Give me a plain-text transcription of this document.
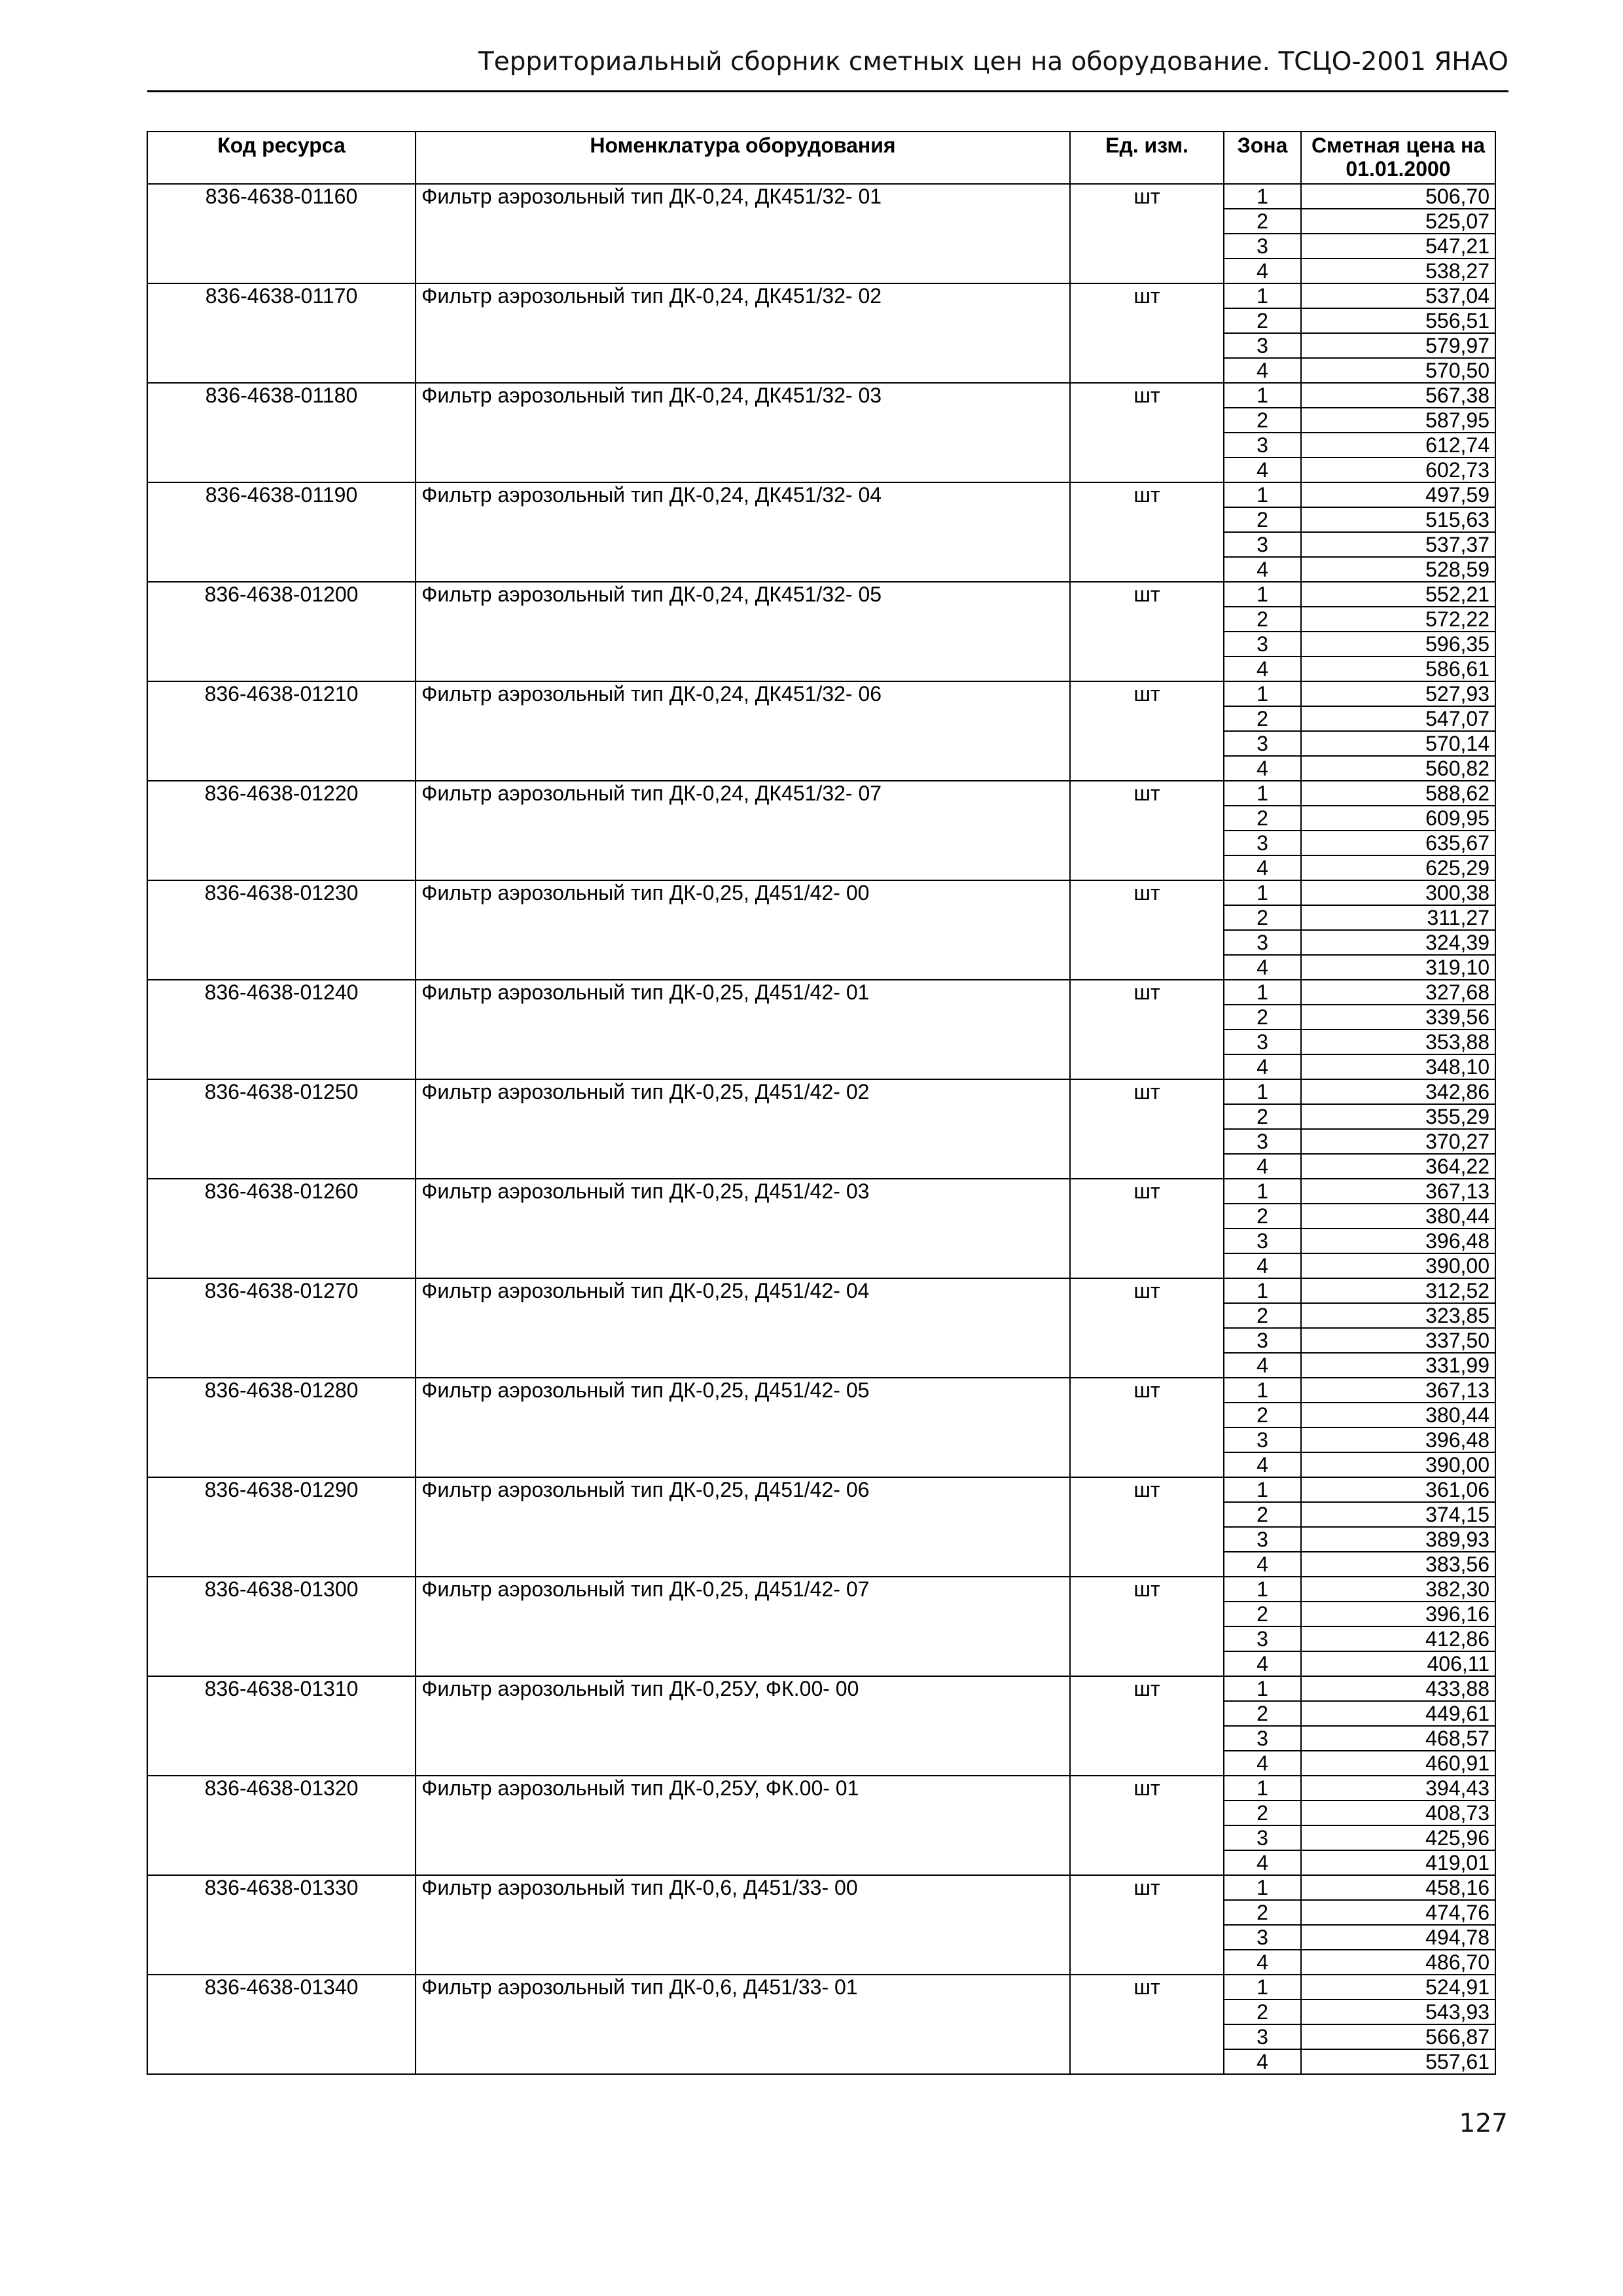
Территориальный сборник сметных цен на оборудование. ТСЦО-2001 ЯНАО
Код ресурса	Номенклатура оборудования	Ед. изм.	Зона	Сметная цена на 01.01.2000
836-4638-01160	Фильтр аэрозольный тип ДК-0,24, ДК451/32- 01	шт	1	506,70
			2	525,07
			3	547,21
			4	538,27
836-4638-01170	Фильтр аэрозольный тип ДК-0,24, ДК451/32- 02	шт	1	537,04
			2	556,51
			3	579,97
			4	570,50
836-4638-01180	Фильтр аэрозольный тип ДК-0,24, ДК451/32- 03	шт	1	567,38
			2	587,95
			3	612,74
			4	602,73
836-4638-01190	Фильтр аэрозольный тип ДК-0,24, ДК451/32- 04	шт	1	497,59
			2	515,63
			3	537,37
			4	528,59
836-4638-01200	Фильтр аэрозольный тип ДК-0,24, ДК451/32- 05	шт	1	552,21
			2	572,22
			3	596,35
			4	586,61
836-4638-01210	Фильтр аэрозольный тип ДК-0,24, ДК451/32- 06	шт	1	527,93
			2	547,07
			3	570,14
			4	560,82
836-4638-01220	Фильтр аэрозольный тип ДК-0,24, ДК451/32- 07	шт	1	588,62
			2	609,95
			3	635,67
			4	625,29
836-4638-01230	Фильтр аэрозольный тип ДК-0,25, Д451/42- 00	шт	1	300,38
			2	311,27
			3	324,39
			4	319,10
836-4638-01240	Фильтр аэрозольный тип ДК-0,25, Д451/42- 01	шт	1	327,68
			2	339,56
			3	353,88
			4	348,10
836-4638-01250	Фильтр аэрозольный тип ДК-0,25, Д451/42- 02	шт	1	342,86
			2	355,29
			3	370,27
			4	364,22
836-4638-01260	Фильтр аэрозольный тип ДК-0,25, Д451/42- 03	шт	1	367,13
			2	380,44
			3	396,48
			4	390,00
836-4638-01270	Фильтр аэрозольный тип ДК-0,25, Д451/42- 04	шт	1	312,52
			2	323,85
			3	337,50
			4	331,99
836-4638-01280	Фильтр аэрозольный тип ДК-0,25, Д451/42- 05	шт	1	367,13
			2	380,44
			3	396,48
			4	390,00
836-4638-01290	Фильтр аэрозольный тип ДК-0,25, Д451/42- 06	шт	1	361,06
			2	374,15
			3	389,93
			4	383,56
836-4638-01300	Фильтр аэрозольный тип ДК-0,25, Д451/42- 07	шт	1	382,30
			2	396,16
			3	412,86
			4	406,11
836-4638-01310	Фильтр аэрозольный тип ДК-0,25У, ФК.00- 00	шт	1	433,88
			2	449,61
			3	468,57
			4	460,91
836-4638-01320	Фильтр аэрозольный тип ДК-0,25У, ФК.00- 01	шт	1	394,43
			2	408,73
			3	425,96
			4	419,01
836-4638-01330	Фильтр аэрозольный тип ДК-0,6, Д451/33- 00	шт	1	458,16
			2	474,76
			3	494,78
			4	486,70
836-4638-01340	Фильтр аэрозольный тип ДК-0,6, Д451/33- 01	шт	1	524,91
			2	543,93
			3	566,87
			4	557,61
127
